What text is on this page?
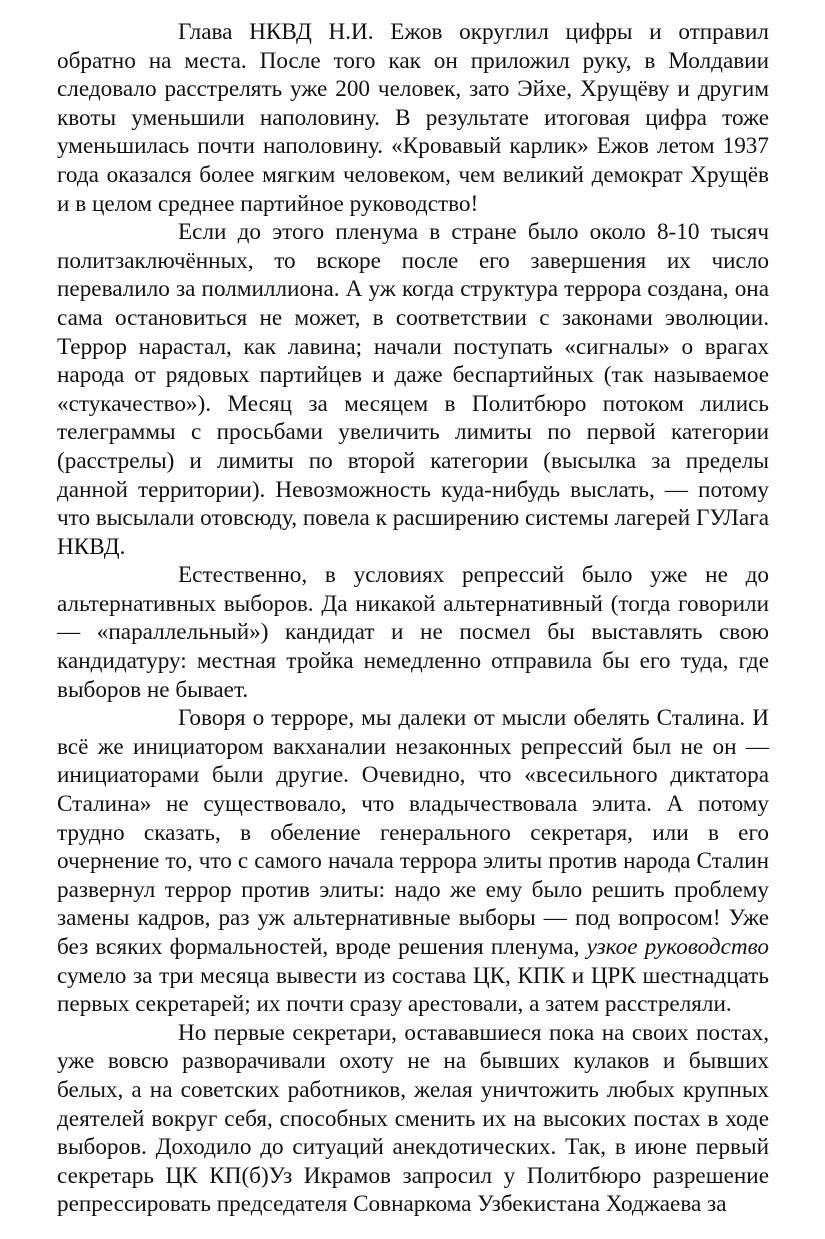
Глава НКВД Н.И. Ежов округлил цифры и отправил обратно на места. После того как он приложил руку, в Молдавии следовало расстрелять уже 200 человек, зато Эйхе, Хрущёву и другим квоты уменьшили наполовину. В результате итоговая цифра тоже уменьшилась почти наполовину. «Кровавый карлик» Ежов летом 1937 года оказался более мягким человеком, чем великий демократ Хрущёв и в целом среднее партийное руководство!

Если до этого пленума в стране было около 8-10 тысяч политзаключённых, то вскоре после его завершения их число перевалило за полмиллиона. А уж когда структура террора создана, она сама остановиться не может, в соответствии с законами эволюции. Террор нарастал, как лавина; начали поступать «сигналы» о врагах народа от рядовых партийцев и даже беспартийных (так называемое «стукачество»). Месяц за месяцем в Политбюро потоком лились телеграммы с просьбами увеличить лимиты по первой категории (расстрелы) и лимиты по второй категории (высылка за пределы данной территории). Невозможность куда-нибудь выслать, — потому что высылали отовсюду, повела к расширению системы лагерей ГУЛага НКВД.

Естественно, в условиях репрессий было уже не до альтернативных выборов. Да никакой альтернативный (тогда говорили — «параллельный») кандидат и не посмел бы выставлять свою кандидатуру: местная тройка немедленно отправила бы его туда, где выборов не бывает.

Говоря о терроре, мы далеки от мысли обелять Сталина. И всё же инициатором вакханалии незаконных репрессий был не он — инициаторами были другие. Очевидно, что «всесильного диктатора Сталина» не существовало, что владычествовала элита. А потому трудно сказать, в обеление генерального секретаря, или в его очернение то, что с самого начала террора элиты против народа Сталин развернул террор против элиты: надо же ему было решить проблему замены кадров, раз уж альтернативные выборы — под вопросом! Уже без всяких формальностей, вроде решения пленума, узкое руководство сумело за три месяца вывести из состава ЦК, КПК и ЦРК шестнадцать первых секретарей; их почти сразу арестовали, а затем расстреляли.

Но первые секретари, остававшиеся пока на своих постах, уже вовсю разворачивали охоту не на бывших кулаков и бывших белых, а на советских работников, желая уничтожить любых крупных деятелей вокруг себя, способных сменить их на высоких постах в ходе выборов. Доходило до ситуаций анекдотических. Так, в июне первый секретарь ЦК КП(б)Уз Икрамов запросил у Политбюро разрешение репрессировать председателя Совнаркома Узбекистана Ходжаева за
